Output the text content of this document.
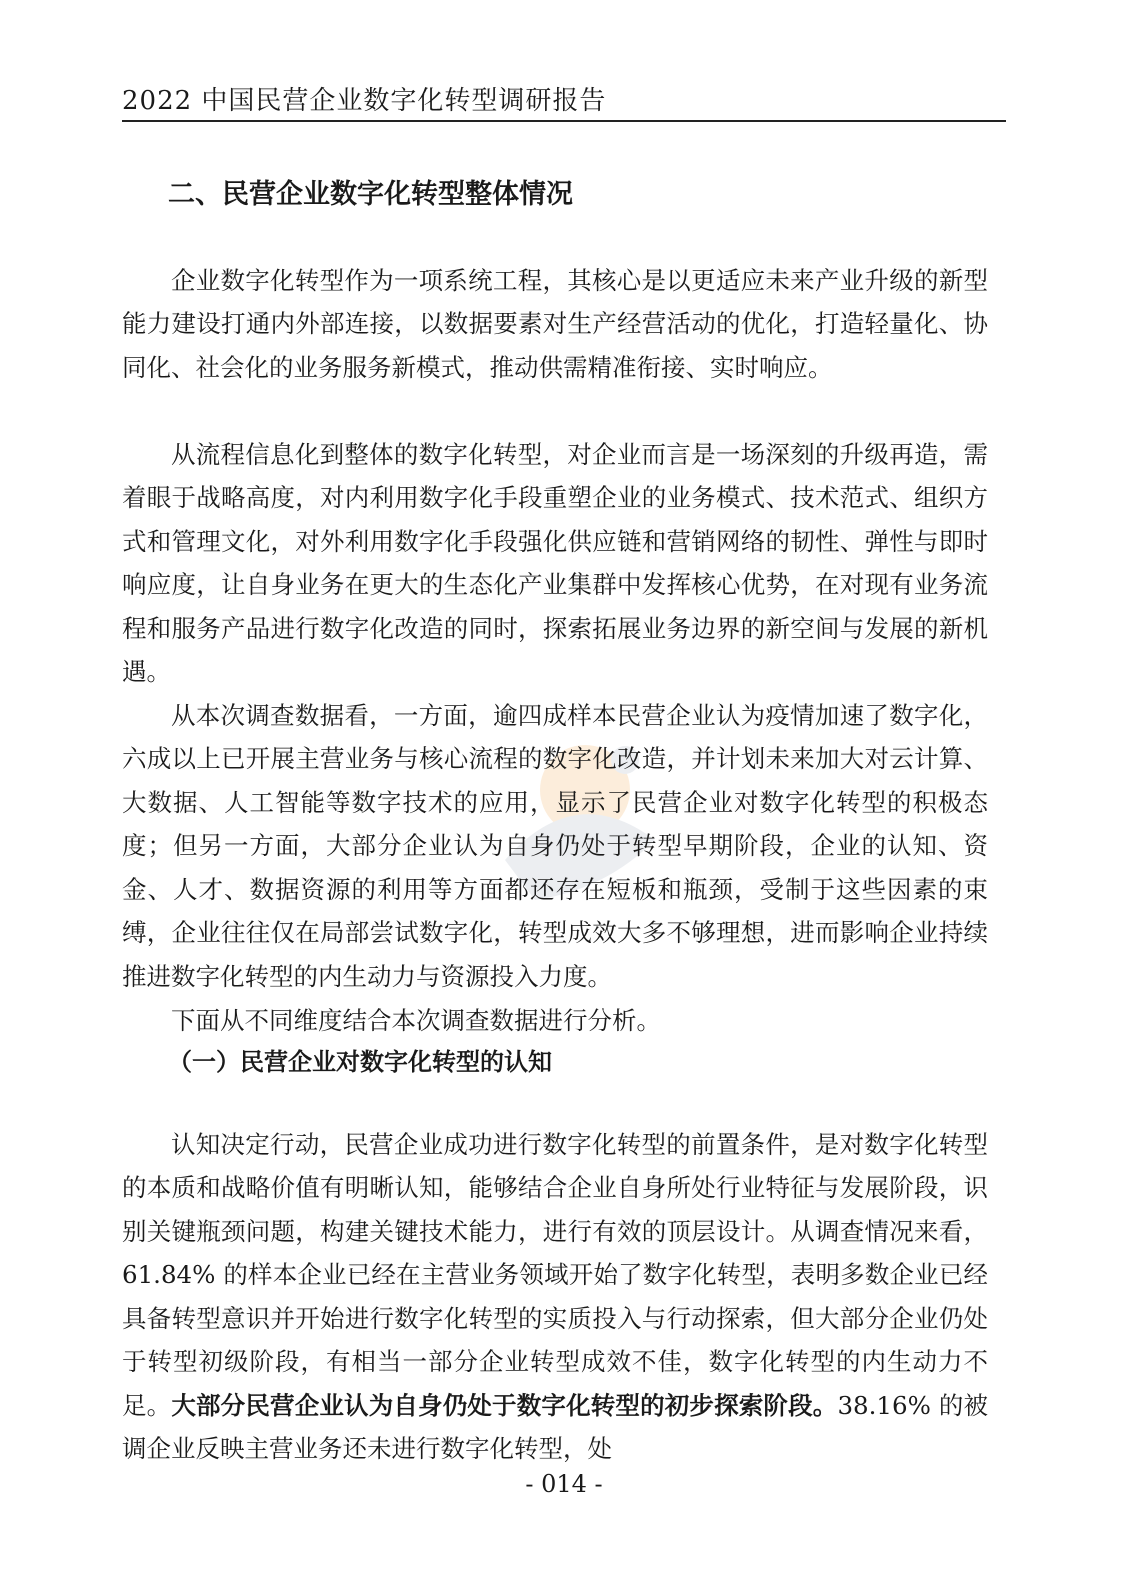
2022 中国民营企业数字化转型调研报告
二、民营企业数字化转型整体情况

企业数字化转型作为一项系统工程，其核心是以更适应未来产业升级的新型能力建设打通内外部连接，以数据要素对生产经营活动的优化，打造轻量化、协同化、社会化的业务服务新模式，推动供需精准衔接、实时响应。

从流程信息化到整体的数字化转型，对企业而言是一场深刻的升级再造，需着眼于战略高度，对内利用数字化手段重塑企业的业务模式、技术范式、组织方式和管理文化，对外利用数字化手段强化供应链和营销网络的韧性、弹性与即时响应度，让自身业务在更大的生态化产业集群中发挥核心优势，在对现有业务流程和服务产品进行数字化改造的同时，探索拓展业务边界的新空间与发展的新机遇。

从本次调查数据看，一方面，逾四成样本民营企业认为疫情加速了数字化，六成以上已开展主营业务与核心流程的数字化改造，并计划未来加大对云计算、大数据、人工智能等数字技术的应用，显示了民营企业对数字化转型的积极态度；但另一方面，大部分企业认为自身仍处于转型早期阶段，企业的认知、资金、人才、数据资源的利用等方面都还存在短板和瓶颈，受制于这些因素的束缚，企业往往仅在局部尝试数字化，转型成效大多不够理想，进而影响企业持续推进数字化转型的内生动力与资源投入力度。

下面从不同维度结合本次调查数据进行分析。

（一）民营企业对数字化转型的认知

认知决定行动，民营企业成功进行数字化转型的前置条件，是对数字化转型的本质和战略价值有明晰认知，能够结合企业自身所处行业特征与发展阶段，识别关键瓶颈问题，构建关键技术能力，进行有效的顶层设计。从调查情况来看，61.84% 的样本企业已经在主营业务领域开始了数字化转型，表明多数企业已经具备转型意识并开始进行数字化转型的实质投入与行动探索，但大部分企业仍处于转型初级阶段，有相当一部分企业转型成效不佳，数字化转型的内生动力不足。大部分民营企业认为自身仍处于数字化转型的初步探索阶段。38.16% 的被调企业反映主营业务还未进行数字化转型，处

- 014 -
